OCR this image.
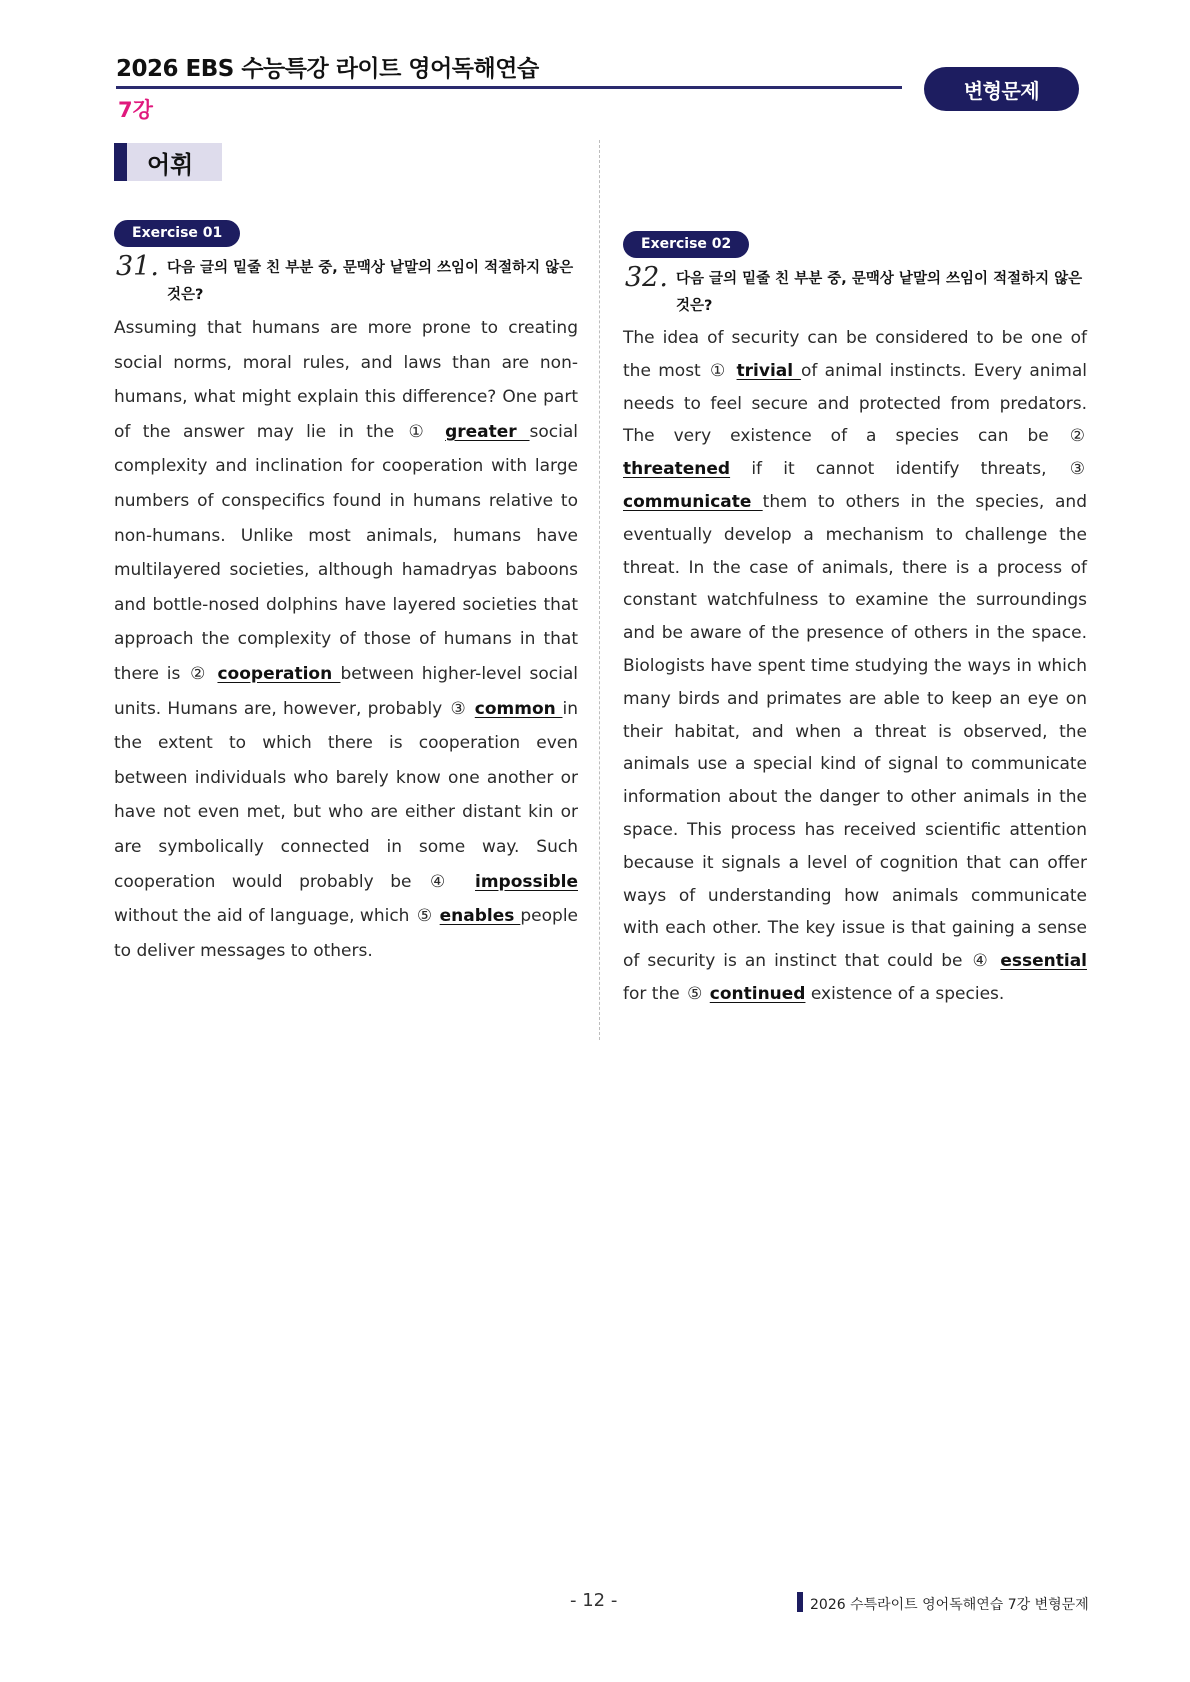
2026 EBS 수능특강 라이트 영어독해연습
7강
변형문제
어휘
Exercise 01
31. 다음 글의 밑줄 친 부분 중, 문맥상 낱말의 쓰임이 적절하지 않은 것은?

Assuming that humans are more prone to creating social norms, moral rules, and laws than are non-humans, what might explain this difference? One part of the answer may lie in the ① greater social complexity and inclination for cooperation with large numbers of conspecifics found in humans relative to non-humans. Unlike most animals, humans have multilayered societies, although hamadryas baboons and bottle-nosed dolphins have layered societies that approach the complexity of those of humans in that there is ② cooperation between higher-level social units. Humans are, however, probably ③ common in the extent to which there is cooperation even between individuals who barely know one another or have not even met, but who are either distant kin or are symbolically connected in some way. Such cooperation would probably be ④ impossible without the aid of language, which ⑤ enables people to deliver messages to others.

Exercise 02
32. 다음 글의 밑줄 친 부분 중, 문맥상 낱말의 쓰임이 적절하지 않은 것은?

The idea of security can be considered to be one of the most ① trivial of animal instincts. Every animal needs to feel secure and protected from predators. The very existence of a species can be ② threatened if it cannot identify threats, ③ communicate them to others in the species, and eventually develop a mechanism to challenge the threat. In the case of animals, there is a process of constant watchfulness to examine the surroundings and be aware of the presence of others in the space. Biologists have spent time studying the ways in which many birds and primates are able to keep an eye on their habitat, and when a threat is observed, the animals use a special kind of signal to communicate information about the danger to other animals in the space. This process has received scientific attention because it signals a level of cognition that can offer ways of understanding how animals communicate with each other. The key issue is that gaining a sense of security is an instinct that could be ④ essential for the ⑤ continued existence of a species.

- 12 -	2026 수특라이트 영어독해연습 7강 변형문제
